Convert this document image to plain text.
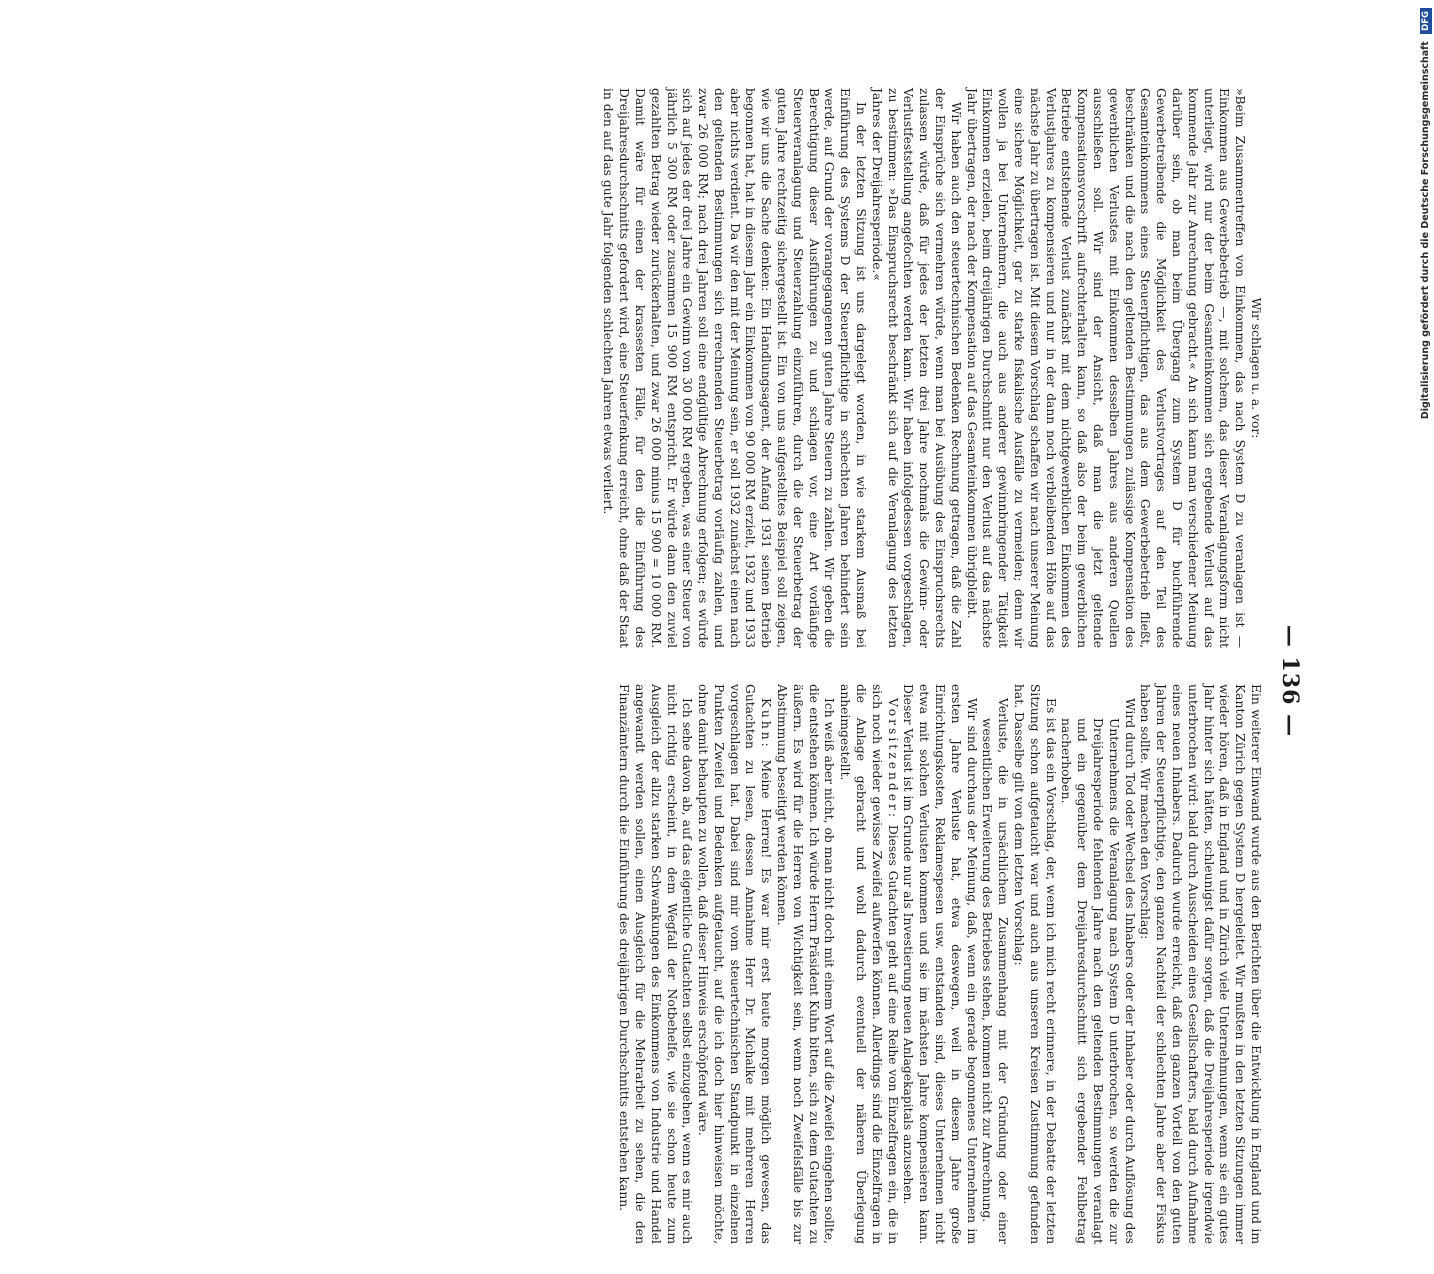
— 136 —

Wir schlagen u. a. vor:

»Beim Zusammentreffen von Einkommen, das nach System D zu veranlagen ist — Einkommen aus Gewerbebetrieb —, mit solchem, das dieser Veranlagungsform nicht unterliegt, wird nur der beim Gesamteinkommen sich ergebende Verlust auf das kommende Jahr zur Anrechnung gebracht.« An sich kann man verschiedener Meinung darüber sein, ob man beim Übergang zum System D für buchführende Gewerbetreibende die Möglichkeit des Verlustvortrages auf den Teil des Gesamteinkommens eines Steuerpflichtigen, das aus dem Gewerbebetrieb fließt, beschränken und die nach den geltenden Bestimmungen zulässige Kompensation des gewerblichen Verlustes mit Einkommen desselben Jahres aus anderen Quellen ausschließen soll. Wir sind der Ansicht, daß man die jetzt geltende Kompensationsvorschrift aufrechterhalten kann, so daß also der beim gewerblichen Betriebe entstehende Verlust zunächst mit dem nichtgewerblichen Einkommen des Verlustjahres zu kompensieren und nur in der dann noch verbleibenden Höhe auf das nächste Jahr zu übertragen ist. Mit diesem Vorschlag schaffen wir nach unserer Meinung eine sichere Möglichkeit, gar zu starke fiskalische Ausfälle zu vermeiden; denn wir wollen ja bei Unternehmern, die auch aus anderer gewinnbringender Tätigkeit Einkommen erzielen, beim dreijährigen Durchschnitt nur den Verlust auf das nächste Jahr übertragen, der nach der Kompensation auf das Gesamteinkommen übrigbleibt.

Wir haben auch den steuertechnischen Bedenken Rechnung getragen, daß die Zahl der Einsprüche sich vermehren würde, wenn man bei Ausübung des Einspruchsrechts zulassen würde, daß für jedes der letzten drei Jahre nochmals die Gewinn- oder Verlustfeststellung angefochten werden kann. Wir haben infolgedessen vorgeschlagen, zu bestimmen: »Das Einspruchsrecht beschränkt sich auf die Veranlagung des letzten Jahres der Dreijahresperiode.«

In der letzten Sitzung ist uns dargelegt worden, in wie starkem Ausmaß bei Einführung des Systems D der Steuerpflichtige in schlechten Jahren behindert sein werde, auf Grund der vorangegangenen guten Jahre Steuern zu zahlen. Wir geben die Berechtigung dieser Ausführungen zu und schlagen vor, eine Art vorläufige Steuerveranlagung und Steuerzahlung einzuführen, durch die der Steuerbetrag der guten Jahre rechtzeitig sichergestellt ist. Ein von uns aufgestelltes Beispiel soll zeigen, wie wir uns die Sache denken: Ein Handlungsagent, der Anfang 1931 seinen Betrieb begonnen hat, hat in diesem Jahr ein Einkommen von 90 000 RM erzielt, 1932 und 1933 aber nichts verdient. Da wir den mit der Meinung sein, er soll 1932 zunächst einen nach den geltenden Bestimmungen sich errechnenden Steuerbetrag vorläufig zahlen, und zwar 26 000 RM; nach drei Jahren soll eine endgültige Abrechnung erfolgen; es würde sich auf jedes der drei Jahre ein Gewinn von 30 000 RM ergeben, was einer Steuer von jährlich 5 300 RM oder zusammen 15 900 RM entspricht. Er würde dann den zuviel gezahlten Betrag wieder zurückerhalten, und zwar 26 000 minus 15 900 = 10 000 RM. Damit wäre für einen der krassesten Fälle, für den die Einführung des Dreijahresdurchschnitts gefordert wird, eine Steuerfenkung erreicht, ohne daß der Staat in den auf das gute Jahr folgenden schlechten Jahren etwas verliert.

Ein weiterer Einwand wurde aus den Berichten über die Entwicklung in England und im Kanton Zürich gegen System D hergeleitet. Wir mußten in den letzten Sitzungen immer wieder hören, daß in England und in Zürich viele Unternehmungen, wenn sie ein gutes Jahr hinter sich hätten, schleunigst dafür sorgen, daß die Dreijahresperiode irgendwie unterbrochen wird: bald durch Ausscheiden eines Gesellschafters, bald durch Aufnahme eines neuen Inhabers. Dadurch wurde erreicht, daß den ganzen Vorteil von den guten Jahren der Steuerpflichtige, den ganzen Nachteil der schlechten Jahre aber der Fiskus haben sollte. Wir machen den Vorschlag:

Wird durch Tod oder Wechsel des Inhabers oder der Inhaber oder durch Auflösung des Unternehmens die Veranlagung nach System D unterbrochen, so werden die zur Dreijahresperiode fehlenden Jahre nach den geltenden Bestimmungen veranlagt und ein gegenüber dem Dreijahresdurchschnitt sich ergebender Fehlbetrag nacherhoben.

Es ist das ein Vorschlag, der, wenn ich mich recht erinnere, in der Debatte der letzten Sitzung schon aufgetaucht war und auch aus unseren Kreisen Zustimmung gefunden hat. Dasselbe gilt von dem letzten Vorschlag:

Verluste, die in ursächlichem Zusammenhang mit der Gründung oder einer wesentlichen Erweiterung des Betriebes stehen, kommen nicht zur Anrechnung.

Wir sind durchaus der Meinung, daß, wenn ein gerade begonnenes Unternehmen im ersten Jahre Verluste hat, etwa deswegen, weil in diesem Jahre große Einrichtungskosten, Reklamespesen usw. entstanden sind, dieses Unternehmen nicht etwa mit solchen Verlusten kommen und sie im nächsten Jahre kompensieren kann. Dieser Verlust ist im Grunde nur als Investierung neuen Anlagekapitals anzusehen.

Vorsitzender: Dieses Gutachten geht auf eine Reihe von Einzelfragen ein, die in sich noch wieder gewisse Zweifel aufwerfen können. Allerdings sind die Einzelfragen in die Anlage gebracht und wohl dadurch eventuell der näheren Überlegung anheimgestellt.

Ich weiß aber nicht, ob man nicht doch mit einem Wort auf die Zweifel eingehen sollte, die entstehen können. Ich würde Herrn Präsident Kuhn bitten, sich zu dem Gutachten zu äußern. Es wird für die Herren von Wichtigkeit sein, wenn noch Zweifelsfälle bis zur Abstimmung beseitigt werden können.

Kuhn: Meine Herren! Es war mir erst heute morgen möglich gewesen, das Gutachten zu lesen, dessen Annahme Herr Dr. Michalke mit mehreren Herren vorgeschlagen hat. Dabei sind mir vom steuertechnischen Standpunkt in einzelnen Punkten Zweifel und Bedenken aufgetaucht, auf die ich doch hier hinweisen möchte, ohne damit behaupten zu wollen, daß dieser Hinweis erschöpfend wäre.

Ich sehe davon ab, auf das eigentliche Gutachten selbst einzugehen, wenn es mir auch nicht richtig erscheint, in dem Wegfall der Notbehelfe, wie sie schon heute zum Ausgleich der allzu starken Schwankungen des Einkommens von Industrie und Handel angewandt werden sollen, einen Ausgleich für die Mehrarbeit zu sehen, die den Finanzämtern durch die Einführung des dreijährigen Durchschnitts entstehen kann.

Digitalisierung gefördert durch die Deutsche Forschungsgemeinschaft DFG
